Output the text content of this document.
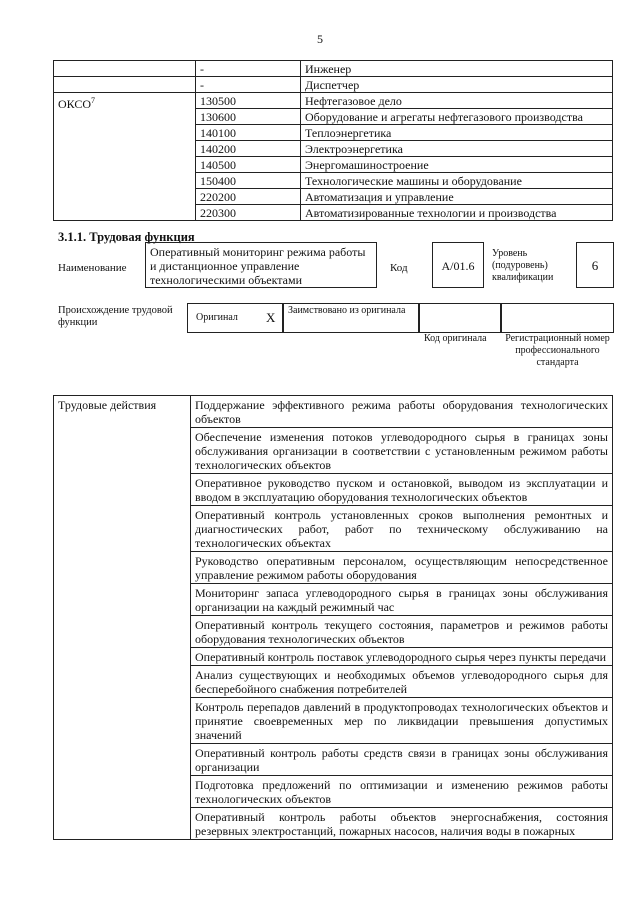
5
	-	Инженер
	-	Диспетчер
ОКСО$^7$	130500	Нефтегазовое дело
	130600	Оборудование и агрегаты нефтегазового производства
	140100	Теплоэнергетика
	140200	Электроэнергетика
	140500	Энергомашиностроение
	150400	Технологические машины и оборудование
	220200	Автоматизация и управление
	220300	Автоматизированные технологии и производства
3.1.1. Трудовая функция
Наименование
Оперативный мониторинг режима работы и дистанционное управление технологическими объектами
Код	А/01.6
Уровень (подуровень) квалификации
6
Происхождение трудовой функции	Оригинал X	Заимствовано из оригинала
Код оригинала Регистрационный номер профессионального стандарта
Трудовые действия	Поддержание эффективного режима работы оборудования технологических объектов
Обеспечение изменения потоков углеводородного сырья в границах зоны обслуживания организации в соответствии с установленным режимом работы технологических объектов
Оперативное руководство пуском и остановкой, выводом из эксплуатации и вводом в эксплуатацию оборудования технологических объектов
Оперативный контроль установленных сроков выполнения ремонтных и диагностических работ, работ по техническому обслуживанию на технологических объектах
Руководство оперативным персоналом, осуществляющим непосредственное управление режимом работы оборудования
Мониторинг запаса углеводородного сырья в границах зоны обслуживания организации на каждый режимный час
Оперативный контроль текущего состояния, параметров и режимов работы оборудования технологических объектов
Оперативный контроль поставок углеводородного сырья через пункты передачи
Анализ существующих и необходимых объемов углеводородного сырья для бесперебойного снабжения потребителей
Контроль перепадов давлений в продуктопроводах технологических объектов и принятие своевременных мер по ликвидации превышения допустимых значений
Оперативный контроль работы средств связи в границах зоны обслуживания организации
Подготовка предложений по оптимизации и изменению режимов работы технологических объектов
Оперативный контроль работы объектов энергоснабжения, состояния резервных электростанций, пожарных насосов, наличия воды в пожарных
